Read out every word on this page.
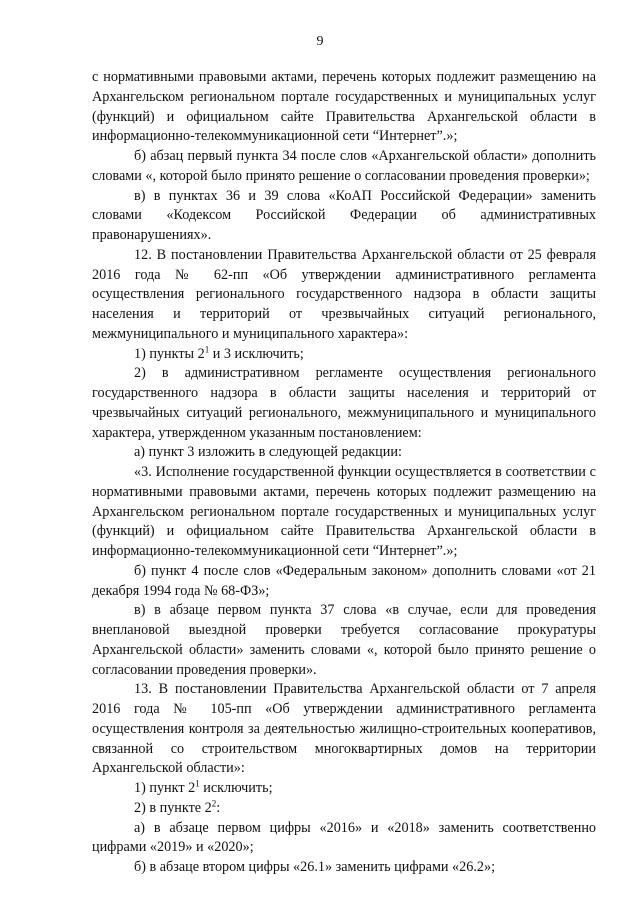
9

с нормативными правовыми актами, перечень которых подлежит размещению на Архангельском региональном портале государственных и муниципальных услуг (функций) и официальном сайте Правительства Архангельской области в информационно-телекоммуникационной сети “Интернет”.»;

б) абзац первый пункта 34 после слов «Архангельской области» дополнить словами «, которой было принято решение о согласовании проведения проверки»;

в) в пунктах 36 и 39 слова «КоАП Российской Федерации» заменить словами «Кодексом Российской Федерации об административных правонарушениях».

12. В постановлении Правительства Архангельской области от 25 февраля 2016 года № 62-пп «Об утверждении административного регламента осуществления регионального государственного надзора в области защиты населения и территорий от чрезвычайных ситуаций регионального, межмуниципального и муниципального характера»:

1) пункты $2^1$ и 3 исключить;

2) в административном регламенте осуществления регионального государственного надзора в области защиты населения и территорий от чрезвычайных ситуаций регионального, межмуниципального и муниципального характера, утвержденном указанным постановлением:

а) пункт 3 изложить в следующей редакции:

«3. Исполнение государственной функции осуществляется в соответствии с нормативными правовыми актами, перечень которых подлежит размещению на Архангельском региональном портале государственных и муниципальных услуг (функций) и официальном сайте Правительства Архангельской области в информационно-телекоммуникационной сети “Интернет”.»;

б) пункт 4 после слов «Федеральным законом» дополнить словами «от 21 декабря 1994 года № 68-ФЗ»;

в) в абзаце первом пункта 37 слова «в случае, если для проведения внеплановой выездной проверки требуется согласование прокуратуры Архангельской области» заменить словами «, которой было принято решение о согласовании проведения проверки».

13. В постановлении Правительства Архангельской области от 7 апреля 2016 года № 105-пп «Об утверждении административного регламента осуществления контроля за деятельностью жилищно-строительных кооперативов, связанной со строительством многоквартирных домов на территории Архангельской области»:

1) пункт $2^1$ исключить;

2) в пункте $2^2$:

а) в абзаце первом цифры «2016» и «2018» заменить соответственно цифрами «2019» и «2020»;

б) в абзаце втором цифры «26.1» заменить цифрами «26.2»;
